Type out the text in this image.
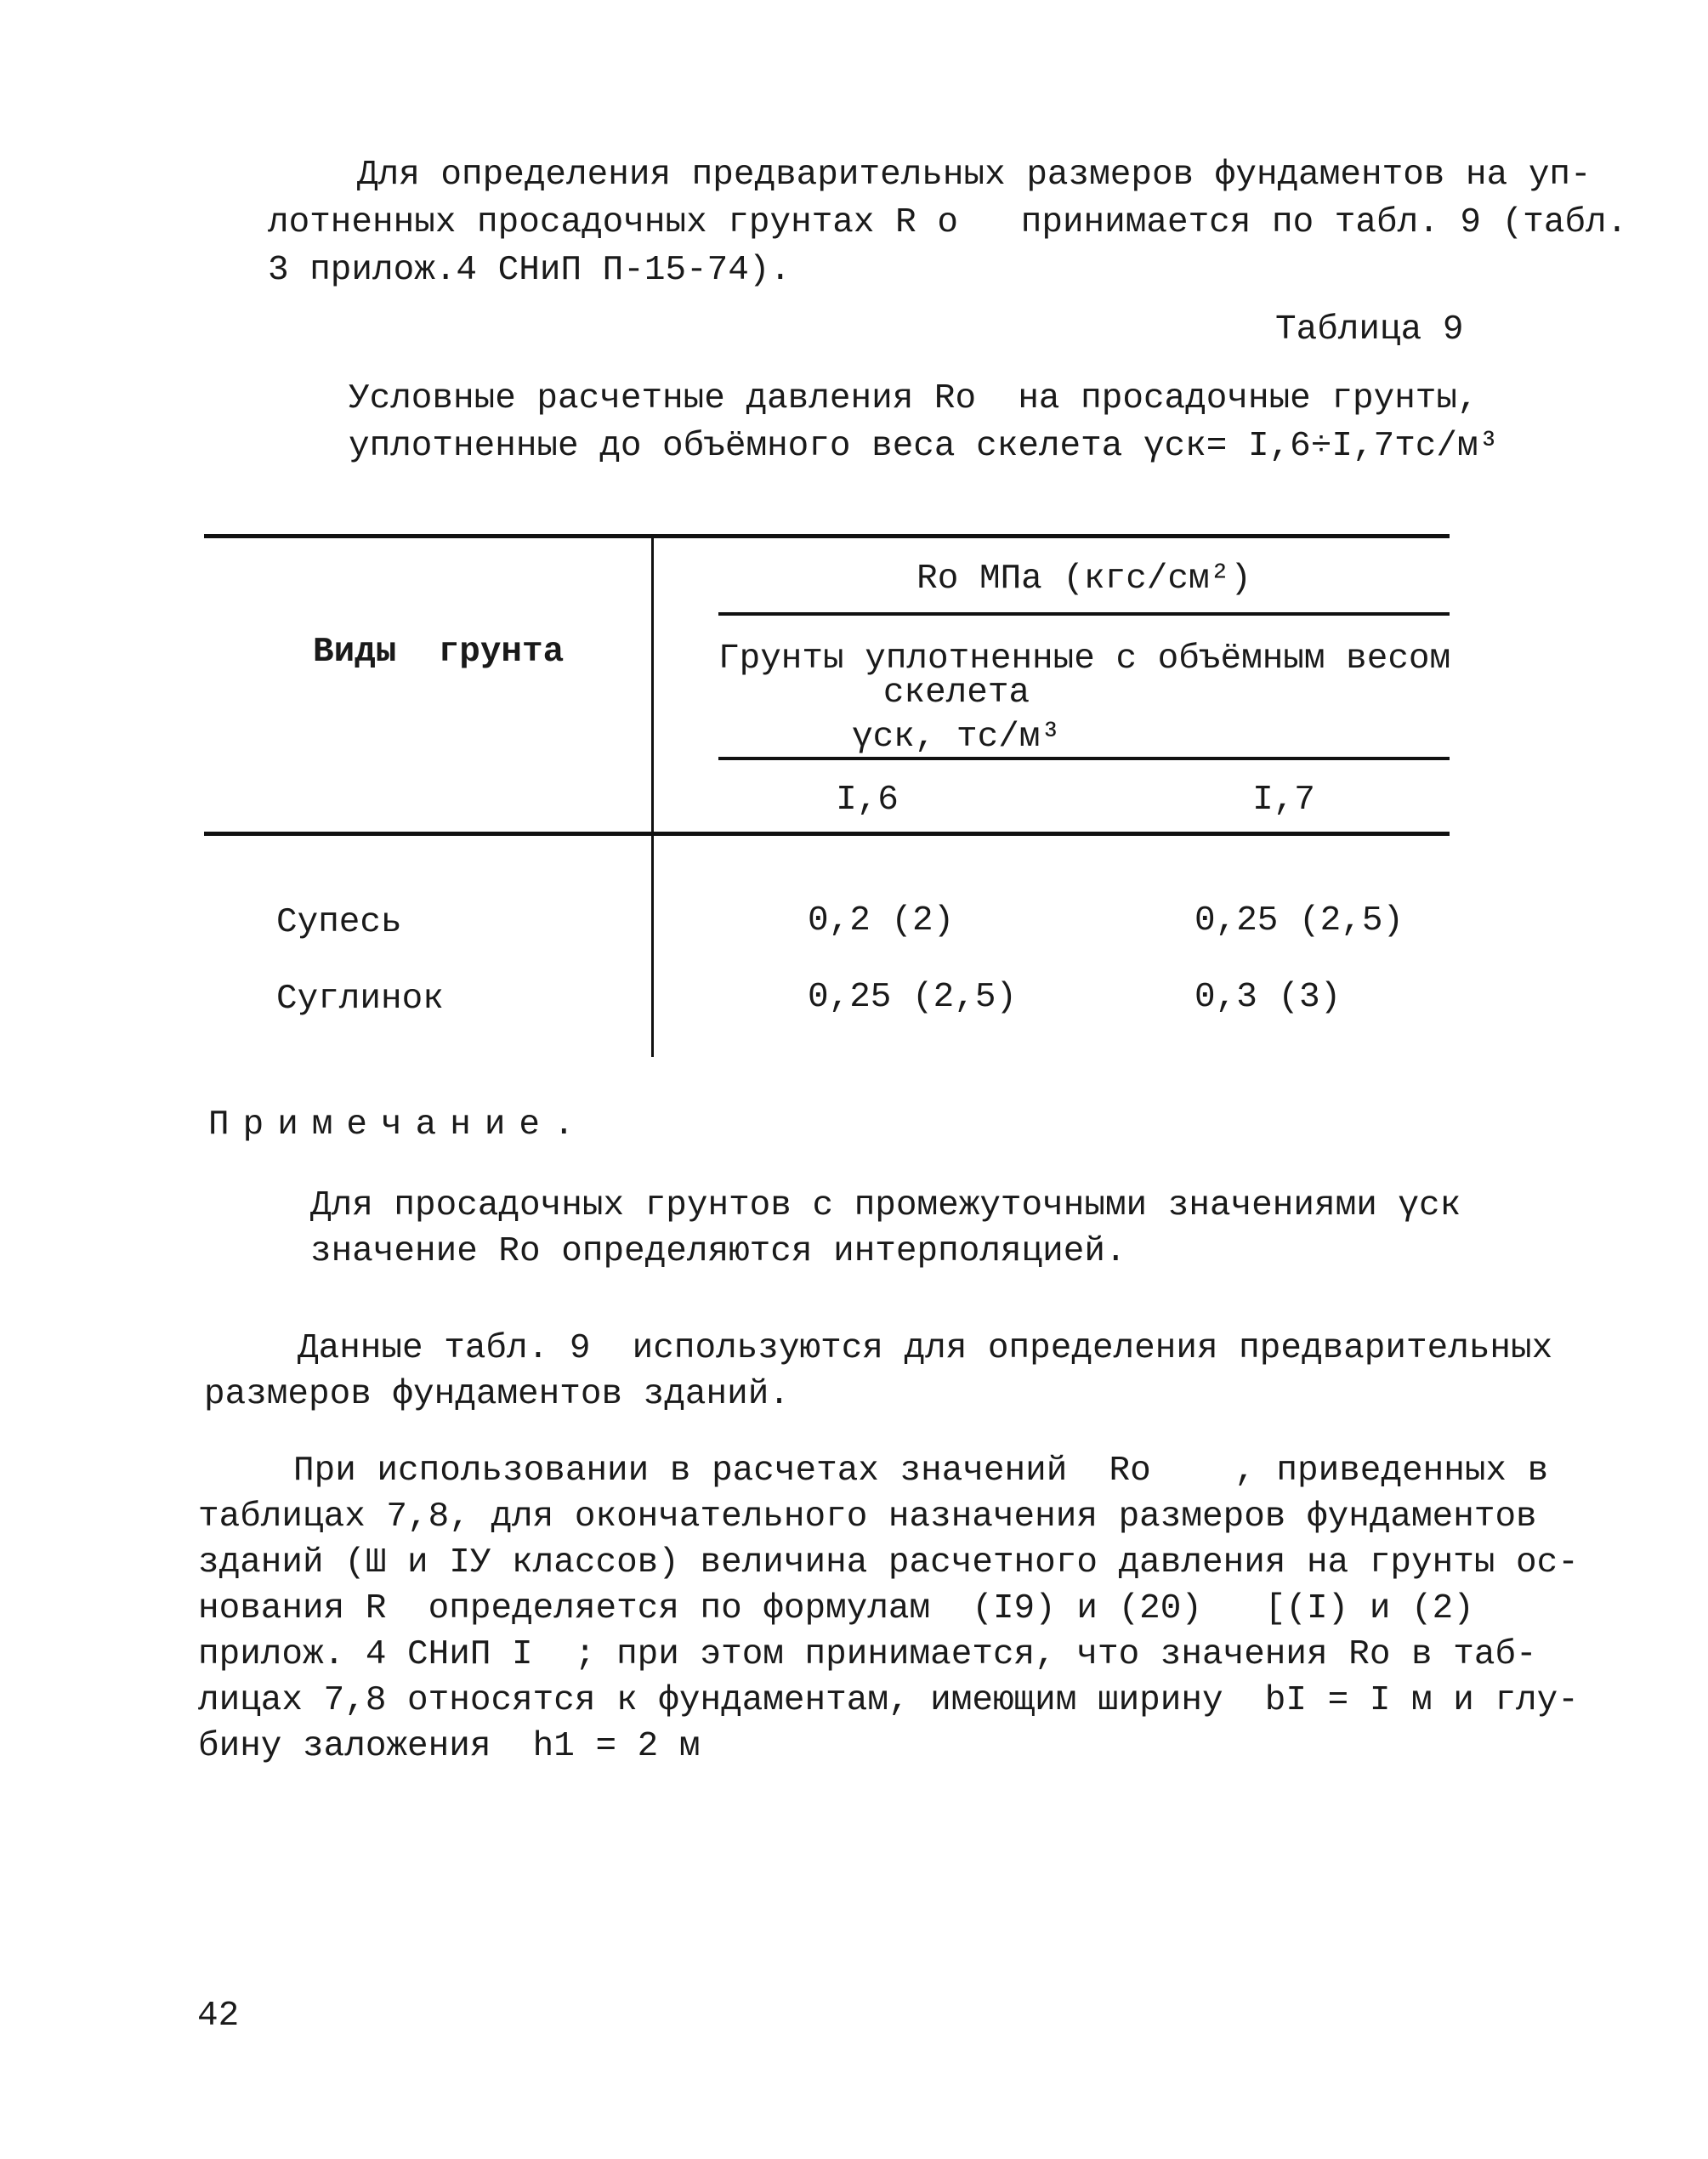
Для определения предварительных размеров фундаментов на уп-
лотненных просадочных грунтах R о   принимается по табл. 9 (табл.
3 прилож.4 СНиП П-15-74).
Таблица 9
Условные расчетные давления Rо  на просадочные грунты,
уплотненные до объёмного веса скелета γск= I,6÷I,7тс/м³
Виды  грунта
Rо МПа (кгс/см²)
Грунты уплотненные с объёмным весом
скелета
γск, тс/м³
I,6	I,7
Супесь	0,2 (2)	0,25 (2,5)
Суглинок	0,25 (2,5)	0,3 (3)
Примечание.
Для просадочных грунтов с промежуточными значениями γск
значение Rо определяются интерполяцией.
Данные табл. 9  используются для определения предварительных
размеров фундаментов зданий.
При использовании в расчетах значений  Rо    , приведенных в
таблицах 7,8, для окончательного назначения размеров фундаментов
зданий (Ш и IУ классов) величина расчетного давления на грунты ос-
нования R  определяется по формулам  (I9) и (20)   [(I) и (2)
прилож. 4 СНиП I  ; при этом принимается, что значения Rо в таб-
лицах 7,8 относятся к фундаментам, имеющим ширину  bI = I м и глу-
бину заложения  h1 = 2 м
42
